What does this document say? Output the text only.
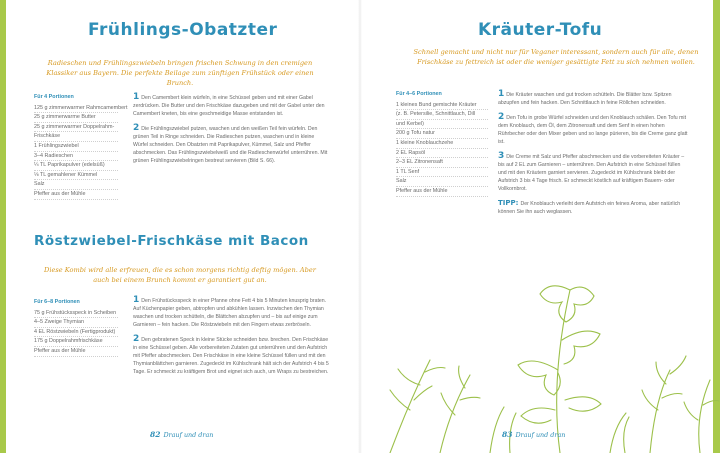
Frühlings-Obatzter
Radieschen und Frühlingszwiebeln bringen frischen Schwung in den cremigen Klassiker aus Bayern. Die perfekte Beilage zum zünftigen Frühstück oder einen Brunch.
Für 4 Portionen
125 g zimmerwarmer Rahmcamembert
25 g zimmerwarme Butter
25 g zimmerwarmer Doppelrahm-
Frischkäse
1 Frühlingszwiebel
3–4 Radieschen
¼ TL Paprikapulver (edelsüß)
⅛ TL gemahlener Kümmel
Salz
Pfeffer aus der Mühle

1 Den Camembert klein würfeln, in eine Schüssel geben und mit einer Gabel zerdrücken. Die Butter und den Frischkäse dazugeben und mit der Gabel unter den Camembert kneten, bis eine geschmeidige Masse entstanden ist.

2 Die Frühlingszwiebel putzen, waschen und den weißen Teil fein würfeln. Den grünen Teil in Ringe schneiden. Die Radieschen putzen, waschen und in kleine Würfel schneiden. Den Obatzten mit Paprikapulver, Kümmel, Salz und Pfeffer abschmecken. Das Frühlingszwiebelweiß und die Radieschenwürfel unterrühren. Mit grünen Frühlingszwiebelringen bestreut servieren (Bild S. 66).

Röstzwiebel-Frischkäse mit Bacon
Diese Kombi wird alle erfreuen, die es schon morgens richtig deftig mögen. Aber auch bei einem Brunch kommt er garantiert gut an.
Für 6–8 Portionen
75 g Frühstücksspeck in Scheiben
4–5 Zweige Thymian
4 EL Röstzwiebeln (Fertigprodukt)
175 g Doppelrahmfrischkäse
Pfeffer aus der Mühle

1 Den Frühstücksspeck in einer Pfanne ohne Fett 4 bis 5 Minuten knusprig braten. Auf Küchenpapier geben, abtropfen und abkühlen lassen. Inzwischen den Thymian waschen und trocken schütteln, die Blättchen abzupfen und – bis auf einige zum Garnieren – fein hacken. Die Röstzwiebeln mit den Fingern etwas zerbröseln.

2 Den gebratenen Speck in kleine Stücke schneiden bzw. brechen. Den Frischkäse in eine Schüssel geben. Alle vorbereiteten Zutaten gut unterrühren und den Aufstrich mit Pfeffer abschmecken. Den Frischkäse in eine kleine Schüssel füllen und mit den Thymianblättchen garnieren. Zugedeckt im Kühlschrank hält sich der Aufstrich 4 bis 5 Tage. Er schmeckt zu kräftigem Brot und eignet sich auch, um Wraps zu bestreichen.

82 Drauf und dran
Kräuter-Tofu
Schnell gemacht und nicht nur für Veganer interessant, sondern auch für alle, denen Frischkäse zu fettreich ist oder die weniger gesättigte Fett zu sich nehmen wollen.
Für 4–6 Portionen
1 kleines Bund gemischte Kräuter
(z. B. Petersilie, Schnittlauch, Dill
und Kerbel)
200 g Tofu natur
1 kleine Knoblauchzehe
2 EL Rapsöl
2–3 EL Zitronensaft
1 TL Senf
Salz
Pfeffer aus der Mühle

1 Die Kräuter waschen und gut trocken schütteln. Die Blätter bzw. Spitzen abzupfen und fein hacken. Den Schnittlauch in feine Röllchen schneiden.

2 Den Tofu in grobe Würfel schneiden und den Knoblauch schälen. Den Tofu mit dem Knoblauch, dem Öl, dem Zitronensaft und dem Senf in einen hohen Rührbecher oder den Mixer geben und so lange pürieren, bis die Creme ganz glatt ist.

3 Die Creme mit Salz und Pfeffer abschmecken und die vorbereiteten Kräuter – bis auf 2 EL zum Garnieren – unterrühren. Den Aufstrich in eine Schüssel füllen und mit den Kräutern garniert servieren. Zugedeckt im Kühlschrank bleibt der Aufstrich 3 bis 4 Tage frisch. Er schmeckt köstlich auf kräftigem Bauern- oder Vollkornbrot.

TIPP: Der Knoblauch verleiht dem Aufstrich ein feines Aroma, aber natürlich können Sie ihn auch weglassen.

83 Drauf und dran
